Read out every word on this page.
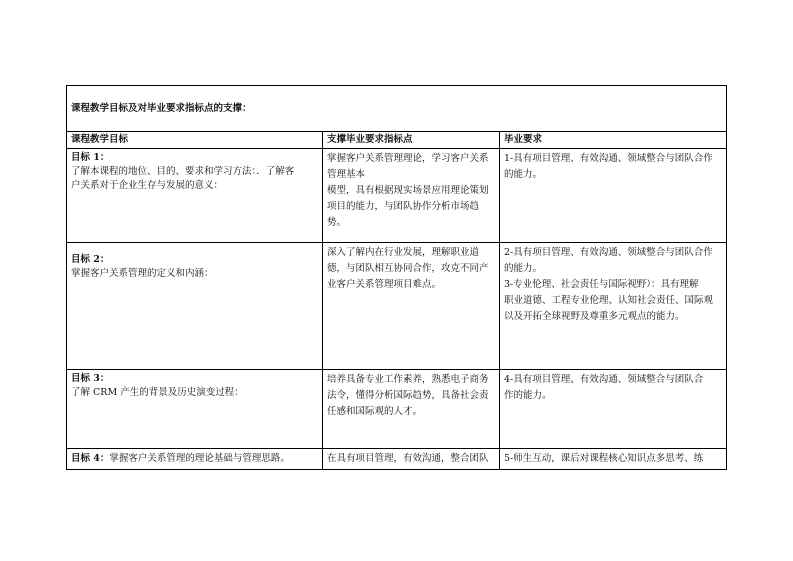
课程教学目标及对毕业要求指标点的支撑：		
课程教学目标	支撑毕业要求指标点	毕业要求

目标 1：
了解本课程的地位、目的、要求和学习方法：．了解客
户关系对于企业生存与发展的意义：	掌握客户关系管理理论，学习客户关系
管理基本
模型，具有根据现实场景应用理论策划
项目的能力，与团队协作分析市场趋
势。	1-具有项目管理、有效沟通、领域整合与团队合作
的能力。

目标 2：
掌握客户关系管理的定义和内涵：	深入了解内在行业发展，理解职业道
德，与团队相互协同合作，攻克不同产
业客户关系管理项目难点。	2-具有项目管理、有效沟通、领域整合与团队合作
的能力。
3-专业伦理、社会责任与国际视野）：具有理解
职业道德、工程专业伦理、认知社会责任、国际观
以及开拓全球视野及尊重多元观点的能力。

目标 3：
了解 CRM 产生的背景及历史演变过程：	培养具备专业工作素养，熟悉电子商务
法令，懂得分析国际趋势，具备社会责
任感和国际观的人才。	4-具有项目管理、有效沟通、领域整合与团队合
作的能力。

目标 4：掌握客户关系管理的理论基础与管理思路。	在具有项目管理，有效沟通，整合团队	5-师生互动，课后对课程核心知识点多思考、练
